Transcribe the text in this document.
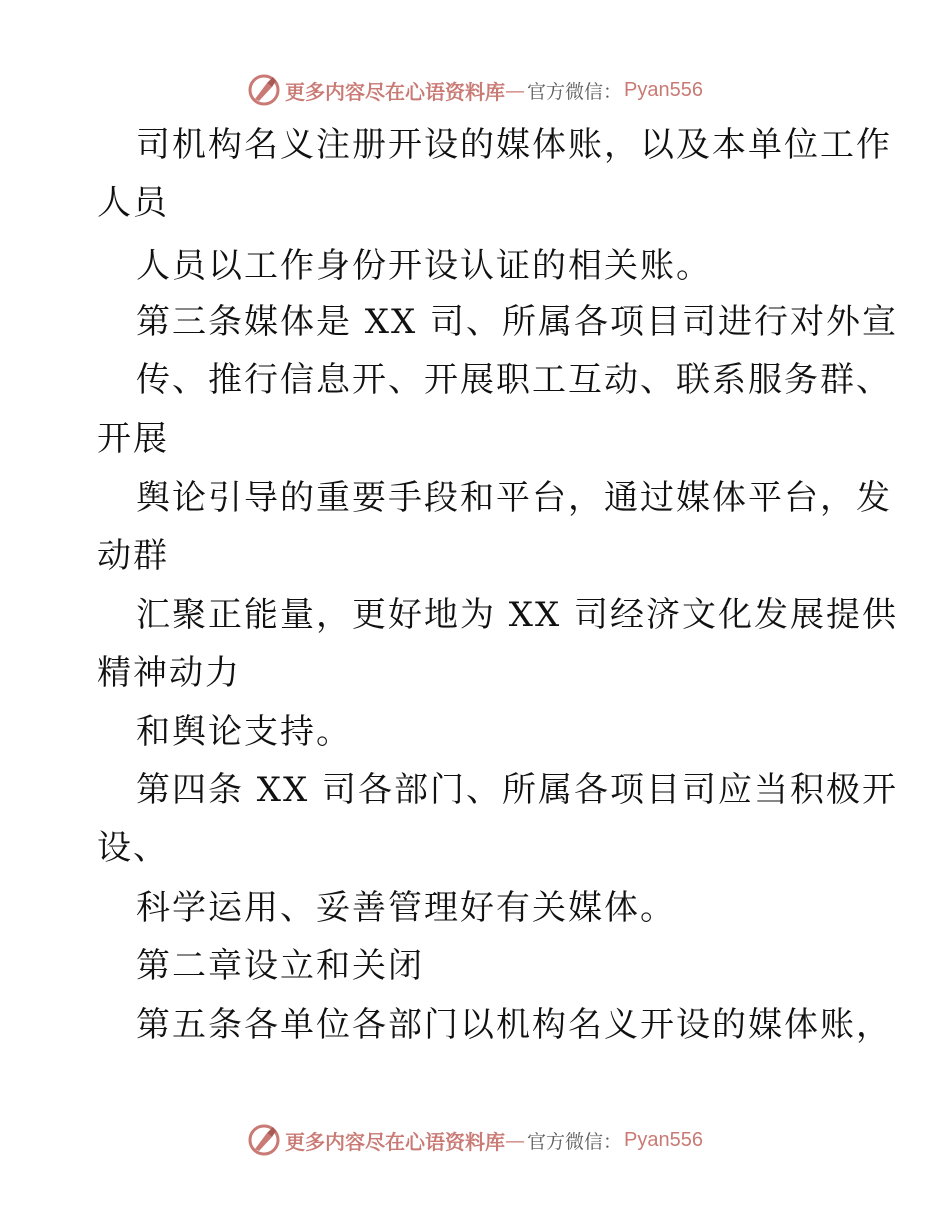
更多内容尽在心语资料库 — 官方微信： Pyan556
司机构名义注册开设的媒体账，以及本单位工作
人员
人员以工作身份开设认证的相关账。
第三条媒体是 XX 司、所属各项目司进行对外宣
传、推行信息开、开展职工互动、联系服务群、
开展
舆论引导的重要手段和平台，通过媒体平台，发
动群
汇聚正能量，更好地为 XX 司经济文化发展提供
精神动力
和舆论支持。
第四条 XX 司各部门、所属各项目司应当积极开
设、
科学运用、妥善管理好有关媒体。
第二章设立和关闭
第五条各单位各部门以机构名义开设的媒体账，
更多内容尽在心语资料库 — 官方微信： Pyan556
